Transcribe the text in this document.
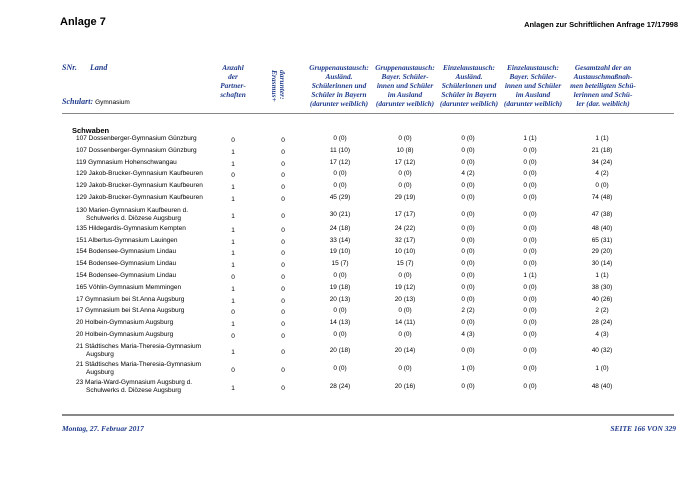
Anlage 7	Anlagen zur Schriftlichen Anfrage 17/17998
SNr. Land
Schulart: Gymnasium
Anzahl
der
Partner-
schaften	darunter:
Erasmus+
Gruppenaustausch:
Ausländ.
Schülerinnen und
Schüler in Bayern
(darunter weiblich)
Gruppenaustausch:
Bayer. Schüler-
innen und Schüler
im Ausland
(darunter weiblich)
Einzelaustausch:
Ausländ.
Schülerinnen und
Schüler in Bayern
(darunter weiblich)
Einzelaustausch:
Bayer. Schüler-
innen und Schüler
im Ausland
(darunter weiblich)
Gesamtzahl der an
Austauschmaßnah-
men beteiligten Schü-
lerinnen und Schü-
ler (dar. weiblich)
Schwaben
107 Dossenberger-Gymnasium Günzburg	0	0	0 (0)	0 (0)	0 (0)	1 (1)	1 (1)
107 Dossenberger-Gymnasium Günzburg	1	0	11 (10)	10 (8)	0 (0)	0 (0)	21 (18)
119 Gymnasium Hohenschwangau	1	0	17 (12)	17 (12)	0 (0)	0 (0)	34 (24)
129 Jakob-Brucker-Gymnasium Kaufbeuren	0	0	0 (0)	0 (0)	4 (2)	0 (0)	4 (2)
129 Jakob-Brucker-Gymnasium Kaufbeuren	1	0	0 (0)	0 (0)	0 (0)	0 (0)	0 (0)
129 Jakob-Brucker-Gymnasium Kaufbeuren	1	0	45 (29)	29 (19)	0 (0)	0 (0)	74 (48)
130 Marien-Gymnasium Kaufbeuren d.
Schulwerks d. Diözese Augsburg	1	0	30 (21)	17 (17)	0 (0)	0 (0)	47 (38)
135 Hildegardis-Gymnasium Kempten	1	0	24 (18)	24 (22)	0 (0)	0 (0)	48 (40)
151 Albertus-Gymnasium Lauingen	1	0	33 (14)	32 (17)	0 (0)	0 (0)	65 (31)
154 Bodensee-Gymnasium Lindau	1	0	19 (10)	10 (10)	0 (0)	0 (0)	29 (20)
154 Bodensee-Gymnasium Lindau	1	0	15 (7)	15 (7)	0 (0)	0 (0)	30 (14)
154 Bodensee-Gymnasium Lindau	0	0	0 (0)	0 (0)	0 (0)	1 (1)	1 (1)
165 Vöhlin-Gymnasium Memmingen	1	0	19 (18)	19 (12)	0 (0)	0 (0)	38 (30)
17 Gymnasium bei St.Anna Augsburg	1	0	20 (13)	20 (13)	0 (0)	0 (0)	40 (26)
17 Gymnasium bei St.Anna Augsburg	0	0	0 (0)	0 (0)	2 (2)	0 (0)	2 (2)
20 Holbein-Gymnasium Augsburg	1	0	14 (13)	14 (11)	0 (0)	0 (0)	28 (24)
20 Holbein-Gymnasium Augsburg	0	0	0 (0)	0 (0)	4 (3)	0 (0)	4 (3)
21 Städtisches Maria-Theresia-Gymnasium
Augsburg	1	0	20 (18)	20 (14)	0 (0)	0 (0)	40 (32)
21 Städtisches Maria-Theresia-Gymnasium
Augsburg	0	0	0 (0)	0 (0)	1 (0)	0 (0)	1 (0)
23 Maria-Ward-Gymnasium Augsburg d.
Schulwerks d. Diözese Augsburg	1	0	28 (24)	20 (16)	0 (0)	0 (0)	48 (40)
Montag, 27. Februar 2017	SEITE 166 VON 329
